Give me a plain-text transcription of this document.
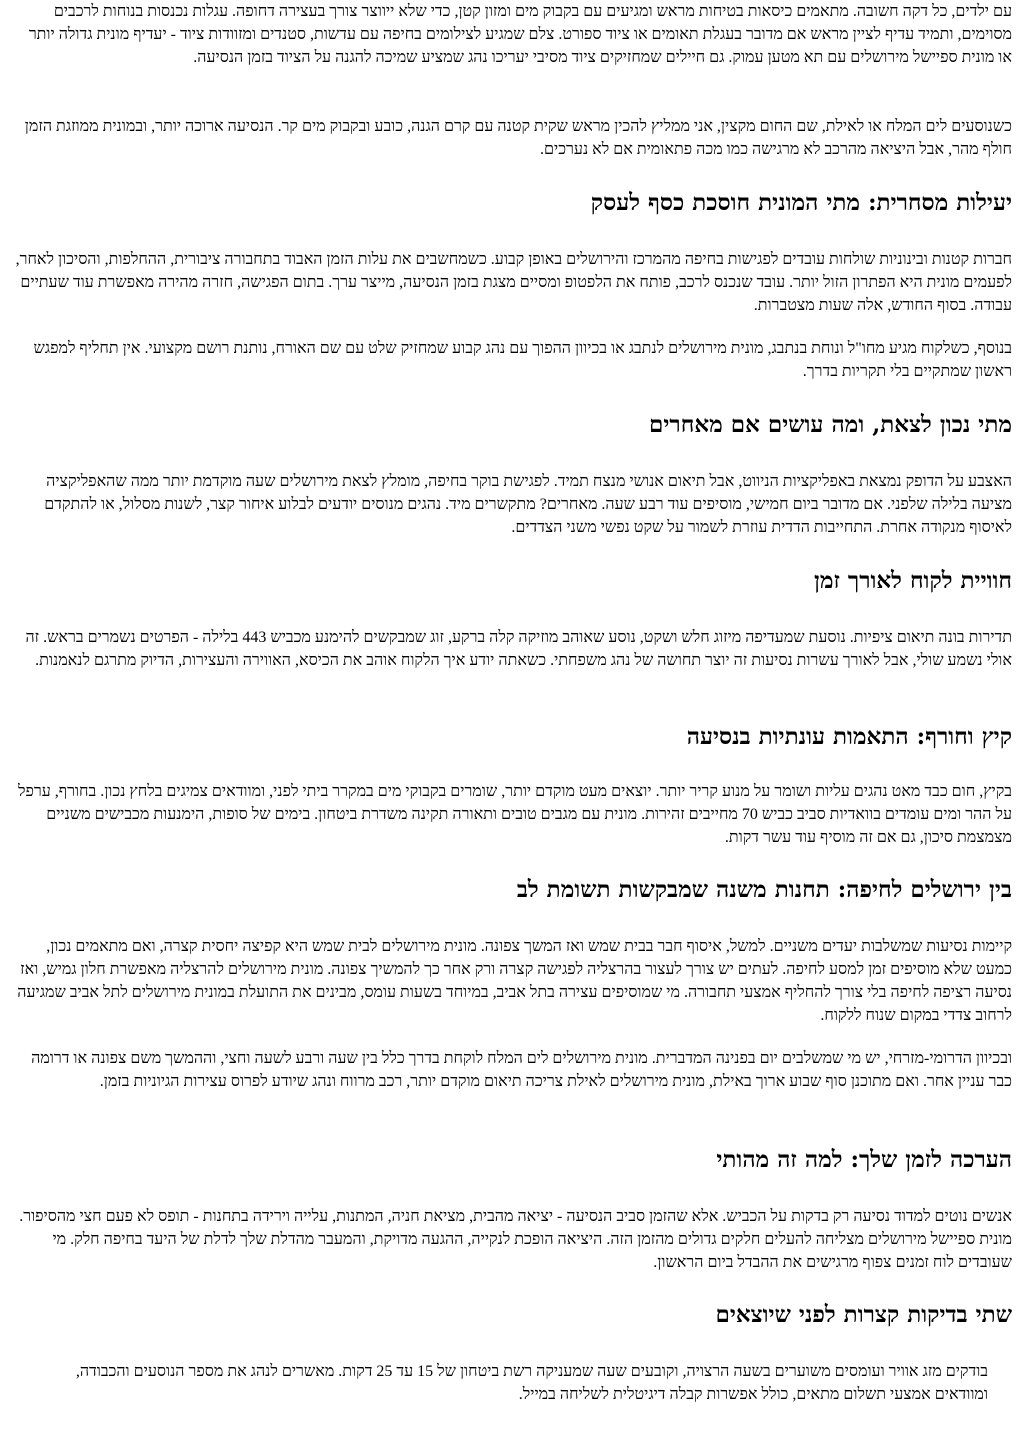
עם ילדים, כל דקה חשובה. מתאמים כיסאות בטיחות מראש ומגיעים עם בקבוק מים ומזון קטן, כדי שלא ייווצר צורך בעצירה דחופה. עגלות נכנסות בנוחות לרכבים מסוימים, ותמיד עדיף לציין מראש אם מדובר בעגלת תאומים או ציוד ספורט. צלם שמגיע לצילומים בחיפה עם עדשות, סטנדים ומזוודות ציוד - יעדיף מונית גדולה יותר או מונית ספיישל מירושלים עם תא מטען עמוק. גם חיילים שמחזיקים ציוד מסיבי יעריכו נהג שמציע שמיכה להגנה על הציוד בזמן הנסיעה.

כשנוסעים לים המלח או לאילת, שם החום מקצין, אני ממליץ להכין מראש שקית קטנה עם קרם הגנה, כובע ובקבוק מים קר. הנסיעה ארוכה יותר, ובמונית ממוזגת הזמן חולף מהר, אבל היציאה מהרכב לא מרגישה כמו מכה פתאומית אם לא נערכים.

יעילות מסחרית: מתי המונית חוסכת כסף לעסק

חברות קטנות ובינוניות שולחות עובדים לפגישות בחיפה מהמרכז והירושלים באופן קבוע. כשמחשבים את עלות הזמן האבוד בתחבורה ציבורית, ההחלפות, והסיכון לאחר, לפעמים מונית היא הפתרון הזול יותר. עובד שנכנס לרכב, פותח את הלפטופ ומסיים מצגת בזמן הנסיעה, מייצר ערך. בתום הפגישה, חזרה מהירה מאפשרת עוד שעתיים עבודה. בסוף החודש, אלה שעות מצטברות.

בנוסף, כשלקוח מגיע מחו"ל ונוחת בנתבג, מונית מירושלים לנתבג או בכיוון ההפוך עם נהג קבוע שמחזיק שלט עם שם האורח, נותנת רושם מקצועי. אין תחליף למפגש ראשון שמתקיים בלי תקריות בדרך.

מתי נכון לצאת, ומה עושים אם מאחרים

האצבע על הדופק נמצאת באפליקציות הניווט, אבל תיאום אנושי מנצח תמיד. לפגישת בוקר בחיפה, מומלץ לצאת מירושלים שעה מוקדמת יותר ממה שהאפליקציה מציעה בלילה שלפני. אם מדובר ביום חמישי, מוסיפים עוד רבע שעה. מאחרים? מתקשרים מיד. נהגים מנוסים יודעים לבלוע איחור קצר, לשנות מסלול, או להתקדם לאיסוף מנקודה אחרת. התחייבות הדדית עוזרת לשמור על שקט נפשי משני הצדדים.

חוויית לקוח לאורך זמן

תדירות בונה תיאום ציפיות. נוסעת שמעדיפה מיזוג חלש ושקט, נוסע שאוהב מוזיקה קלה ברקע, זוג שמבקשים להימנע מכביש 443 בלילה - הפרטים נשמרים בראש. זה אולי נשמע שולי, אבל לאורך עשרות נסיעות זה יוצר תחושה של נהג משפחתי. כשאתה יודע איך הלקוח אוהב את הכיסא, האווירה והעצירות, הדיוק מתרגם לנאמנות.

קיץ וחורף: התאמות עונתיות בנסיעה

בקיץ, חום כבד מאט נהגים עליות ושומר על מנוע קריר יותר. יוצאים מעט מוקדם יותר, שומרים בקבוקי מים במקרר ביתי לפני, ומוודאים צמיגים בלחץ נכון. בחורף, ערפל על ההר ומים עומדים בוואדיות סביב כביש 70 מחייבים זהירות. מונית עם מגבים טובים ותאורה תקינה משדרת ביטחון. בימים של סופות, הימנעות מכבישים משניים מצמצמת סיכון, גם אם זה מוסיף עוד עשר דקות.

בין ירושלים לחיפה: תחנות משנה שמבקשות תשומת לב

קיימות נסיעות שמשלבות יעדים משניים. למשל, איסוף חבר בבית שמש ואז המשך צפונה. מונית מירושלים לבית שמש היא קפיצה יחסית קצרה, ואם מתאמים נכון, כמעט שלא מוסיפים זמן למסע לחיפה. לעתים יש צורך לעצור בהרצליה לפגישה קצרה ורק אחר כך להמשיך צפונה. מונית מירושלים להרצליה מאפשרת חלון גמיש, ואז נסיעה רציפה לחיפה בלי צורך להחליף אמצעי תחבורה. מי שמוסיפים עצירה בתל אביב, במיוחד בשעות עומס, מבינים את התועלת במונית מירושלים לתל אביב שמגיעה לרחוב צדדי במקום שנוח ללקוח.

ובכיוון הדרומי-מזרחי, יש מי שמשלבים יום בפנינה המדברית. מונית מירושלים לים המלח לוקחת בדרך כלל בין שעה ורבע לשעה וחצי, וההמשך משם צפונה או דרומה כבר עניין אחר. ואם מתוכנן סוף שבוע ארוך באילת, מונית מירושלים לאילת צריכה תיאום מוקדם יותר, רכב מרווח ונהג שיודע לפרוס עצירות הגיוניות בזמן.

הערכה לזמן שלך: למה זה מהותי

אנשים נוטים למדוד נסיעה רק בדקות על הכביש. אלא שהזמן סביב הנסיעה - יציאה מהבית, מציאת חניה, המתנות, עלייה וירידה בתחנות - תופס לא פעם חצי מהסיפור. מונית ספיישל מירושלים מצליחה להעלים חלקים גדולים מהזמן הזה. היציאה הופכת לנקייה, ההגעה מדויקת, והמעבר מהדלת שלך לדלת של היעד בחיפה חלק. מי שעובדים לוח זמנים צפוף מרגישים את ההבדל ביום הראשון.

שתי בדיקות קצרות לפני שיוצאים

בודקים מזג אוויר ועומסים משוערים בשעה הרצויה, וקובעים שעה שמעניקה רשת ביטחון של 15 עד 25 דקות. מאשרים לנהג את מספר הנוסעים והכבודה, ומוודאים אמצעי תשלום מתאים, כולל אפשרות קבלה דיגיטלית לשליחה במייל.
